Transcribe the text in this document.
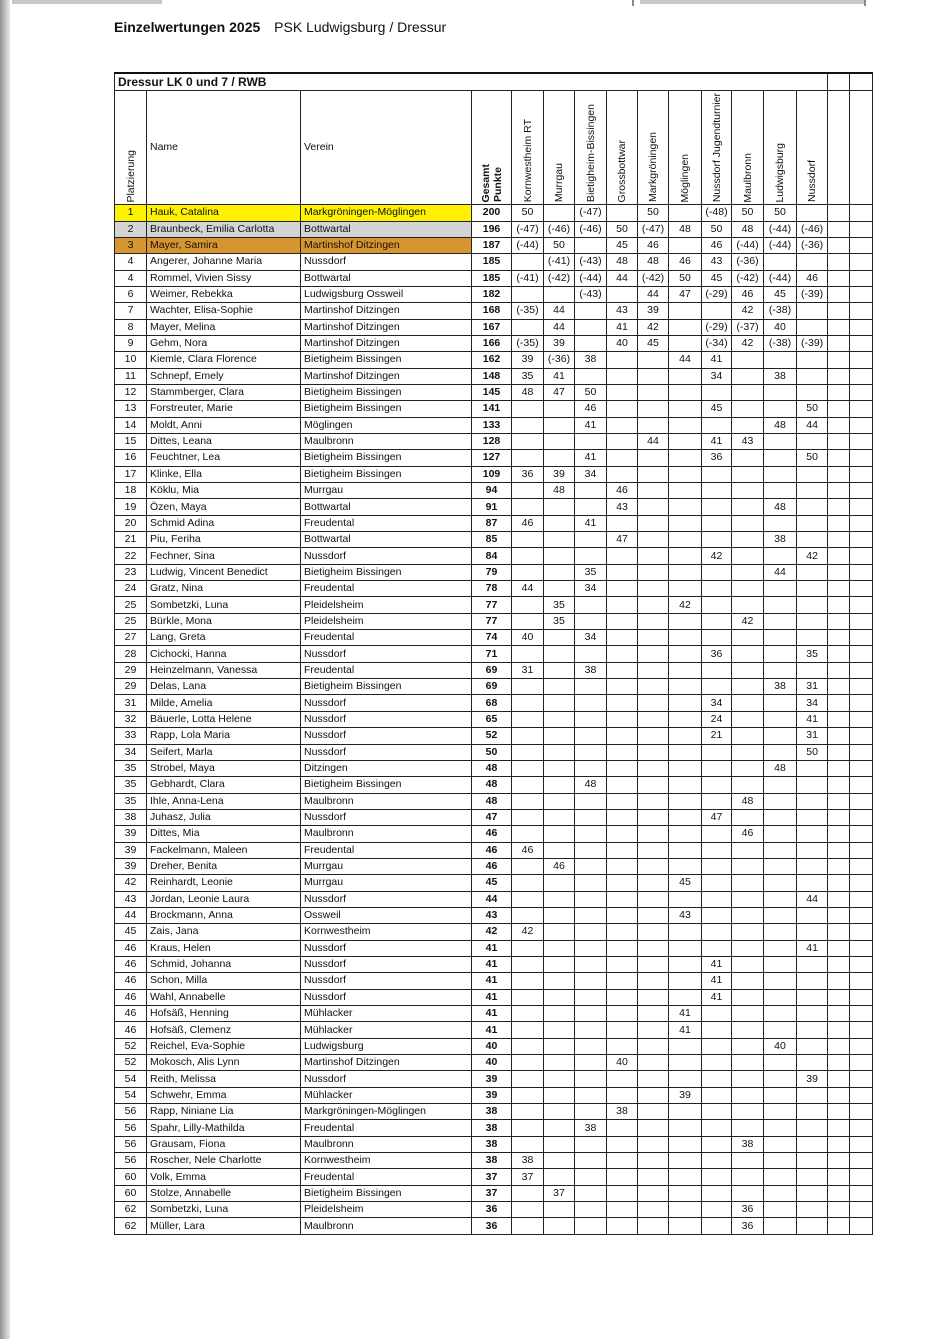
Einzelwertungen 2025 PSK Ludwigsburg / Dressur
Dressur LK 0 und 7 / RWB															

Platzierung	Name	Verein	Gesamt Punkte	Kornwestheim RT	Murrgau	Bietigheim-Bissingen	Grossbottwar	Markgröningen	Möglingen	Nussdorf Jugendturnier	Maulbronn	Ludwigsburg	Nussdorf		

1	Hauk, Catalina	Markgröningen-Möglingen	200	50		(-47)		50		(-48)	50	50			
2	Braunbeck, Emilia Carlotta	Bottwartal	196	(-47)	(-46)	(-46)	50	(-47)	48	50	48	(-44)	(-46)		
3	Mayer, Samira	Martinshof Ditzingen	187	(-44)	50		45	46		46	(-44)	(-44)	(-36)		
4	Angerer, Johanne Maria	Nussdorf	185		(-41)	(-43)	48	48	46	43	(-36)				
4	Rommel, Vivien Sissy	Bottwartal	185	(-41)	(-42)	(-44)	44	(-42)	50	45	(-42)	(-44)	46		
6	Weimer, Rebekka	Ludwigsburg Ossweil	182			(-43)		44	47	(-29)	46	45	(-39)		
7	Wachter, Elisa-Sophie	Martinshof Ditzingen	168	(-35)	44		43	39			42	(-38)			
8	Mayer, Melina	Martinshof Ditzingen	167		44		41	42		(-29)	(-37)	40			
9	Gehm, Nora	Martinshof Ditzingen	166	(-35)	39		40	45		(-34)	42	(-38)	(-39)		
10	Kiemle, Clara Florence	Bietigheim Bissingen	162	39	(-36)	38			44	41					
11	Schnepf, Emely	Martinshof Ditzingen	148	35	41					34		38			
12	Stammberger, Clara	Bietigheim Bissingen	145	48	47	50									
13	Forstreuter, Marie	Bietigheim Bissingen	141			46				45			50		
14	Moldt, Anni	Möglingen	133			41						48	44		
15	Dittes, Leana	Maulbronn	128					44		41	43				
16	Feuchtner, Lea	Bietigheim Bissingen	127			41				36			50		
17	Klinke, Ella	Bietigheim Bissingen	109	36	39	34									
18	Köklu, Mia	Murrgau	94		48		46								
19	Özen, Maya	Bottwartal	91				43					48			
20	Schmid Adina	Freudental	87	46		41									
21	Piu, Feriha	Bottwartal	85				47					38			
22	Fechner, Sina	Nussdorf	84							42			42		
23	Ludwig, Vincent Benedict	Bietigheim Bissingen	79			35						44			
24	Gratz, Nina	Freudental	78	44		34									
25	Sombetzki, Luna	Pleidelsheim	77		35				42						
25	Bürkle, Mona	Pleidelsheim	77		35						42				
27	Lang, Greta	Freudental	74	40		34									
28	Cichocki, Hanna	Nussdorf	71							36			35		
29	Heinzelmann, Vanessa	Freudental	69	31		38									
29	Delas, Lana	Bietigheim Bissingen	69									38	31		
31	Milde, Amelia	Nussdorf	68							34			34		
32	Bäuerle, Lotta Helene	Nussdorf	65							24			41		
33	Rapp, Lola Maria	Nussdorf	52							21			31		
34	Seifert, Marla	Nussdorf	50										50		
35	Strobel, Maya	Ditzingen	48									48			
35	Gebhardt, Clara	Bietigheim Bissingen	48			48									
35	Ihle, Anna-Lena	Maulbronn	48								48				
38	Juhasz, Julia	Nussdorf	47							47					
39	Dittes, Mia	Maulbronn	46								46				
39	Fackelmann, Maleen	Freudental	46	46											
39	Dreher, Benita	Murrgau	46		46										
42	Reinhardt, Leonie	Murrgau	45						45						
43	Jordan, Leonie Laura	Nussdorf	44										44		
44	Brockmann, Anna	Ossweil	43						43						
45	Zais, Jana	Kornwestheim	42	42											
46	Kraus, Helen	Nussdorf	41										41		
46	Schmid, Johanna	Nussdorf	41							41					
46	Schon, Milla	Nussdorf	41							41					
46	Wahl, Annabelle	Nussdorf	41							41					
46	Hofsäß, Henning	Mühlacker	41						41						
46	Hofsäß, Clemenz	Mühlacker	41						41						
52	Reichel, Eva-Sophie	Ludwigsburg	40									40			
52	Mokosch, Alis Lynn	Martinshof Ditzingen	40				40								
54	Reith, Melissa	Nussdorf	39										39		
54	Schwehr, Emma	Mühlacker	39						39						
56	Rapp, Niniane Lia	Markgröningen-Möglingen	38				38								
56	Spahr, Lilly-Mathilda	Freudental	38			38									
56	Grausam, Fiona	Maulbronn	38								38				
56	Roscher, Nele Charlotte	Kornwestheim	38	38											
60	Volk, Emma	Freudental	37	37											
60	Stolze, Annabelle	Bietigheim Bissingen	37		37										
62	Sombetzki, Luna	Pleidelsheim	36								36				
62	Müller, Lara	Maulbronn	36								36				
